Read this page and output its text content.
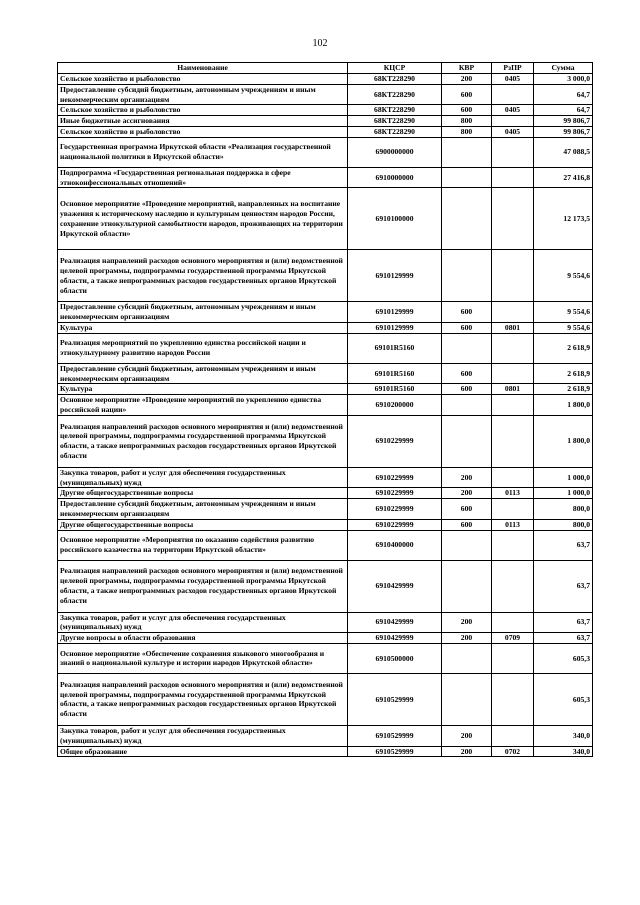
102
Наименование	КЦСР	КВР	РзПР	Сумма
Сельское хозяйство и рыболовство	68КТ228290	200	0405	3 000,0
Предоставление субсидий бюджетным, автономным учреждениям и иным некоммерческим организациям	68КТ228290	600		64,7
Сельское хозяйство и рыболовство	68КТ228290	600	0405	64,7
Иные бюджетные ассигнования	68КТ228290	800		99 806,7
Сельское хозяйство и рыболовство	68КТ228290	800	0405	99 806,7
Государственная программа Иркутской области «Реализация государственной национальной политики в Иркутской области»	6900000000			47 088,5
Подпрограмма «Государственная региональная поддержка в сфере этноконфессиональных отношений»	6910000000			27 416,8
Основное мероприятие «Проведение мероприятий, направленных на воспитание уважения к историческому наследию и культурным ценностям народов России, сохранение этнокультурной самобытности народов, проживающих на территории Иркутской области»	6910100000			12 173,5
Реализация направлений расходов основного мероприятия и (или) ведомственной целевой программы, подпрограммы государственной программы Иркутской области, а также непрограммных расходов государственных органов Иркутской области	6910129999			9 554,6
Предоставление субсидий бюджетным, автономным учреждениям и иным некоммерческим организациям	6910129999	600		9 554,6
Культура	6910129999	600	0801	9 554,6
Реализация мероприятий по укреплению единства российской нации и этнокультурному развитию народов России	69101R5160			2 618,9
Предоставление субсидий бюджетным, автономным учреждениям и иным некоммерческим организациям	69101R5160	600		2 618,9
Культура	69101R5160	600	0801	2 618,9
Основное мероприятие «Проведение мероприятий по укреплению единства российской нации»	6910200000			1 800,0
Реализация направлений расходов основного мероприятия и (или) ведомственной целевой программы, подпрограммы государственной программы Иркутской области, а также непрограммных расходов государственных органов Иркутской области	6910229999			1 800,0
Закупка товаров, работ и услуг для обеспечения государственных (муниципальных) нужд	6910229999	200		1 000,0
Другие общегосударственные вопросы	6910229999	200	0113	1 000,0
Предоставление субсидий бюджетным, автономным учреждениям и иным некоммерческим организациям	6910229999	600		800,0
Другие общегосударственные вопросы	6910229999	600	0113	800,0
Основное мероприятие «Мероприятия по оказанию содействия развитию российского казачества на территории Иркутской области»	6910400000			63,7
Реализация направлений расходов основного мероприятия и (или) ведомственной целевой программы, подпрограммы государственной программы Иркутской области, а также непрограммных расходов государственных органов Иркутской области	6910429999			63,7
Закупка товаров, работ и услуг для обеспечения государственных (муниципальных) нужд	6910429999	200		63,7
Другие вопросы в области образования	6910429999	200	0709	63,7
Основное мероприятие «Обеспечение сохранения языкового многообразия и знаний о национальной культуре и истории народов Иркутской области»	6910500000			605,3
Реализация направлений расходов основного мероприятия и (или) ведомственной целевой программы, подпрограммы государственной программы Иркутской области, а также непрограммных расходов государственных органов Иркутской области	6910529999			605,3
Закупка товаров, работ и услуг для обеспечения государственных (муниципальных) нужд	6910529999	200		340,0
Общее образование	6910529999	200	0702	340,0
